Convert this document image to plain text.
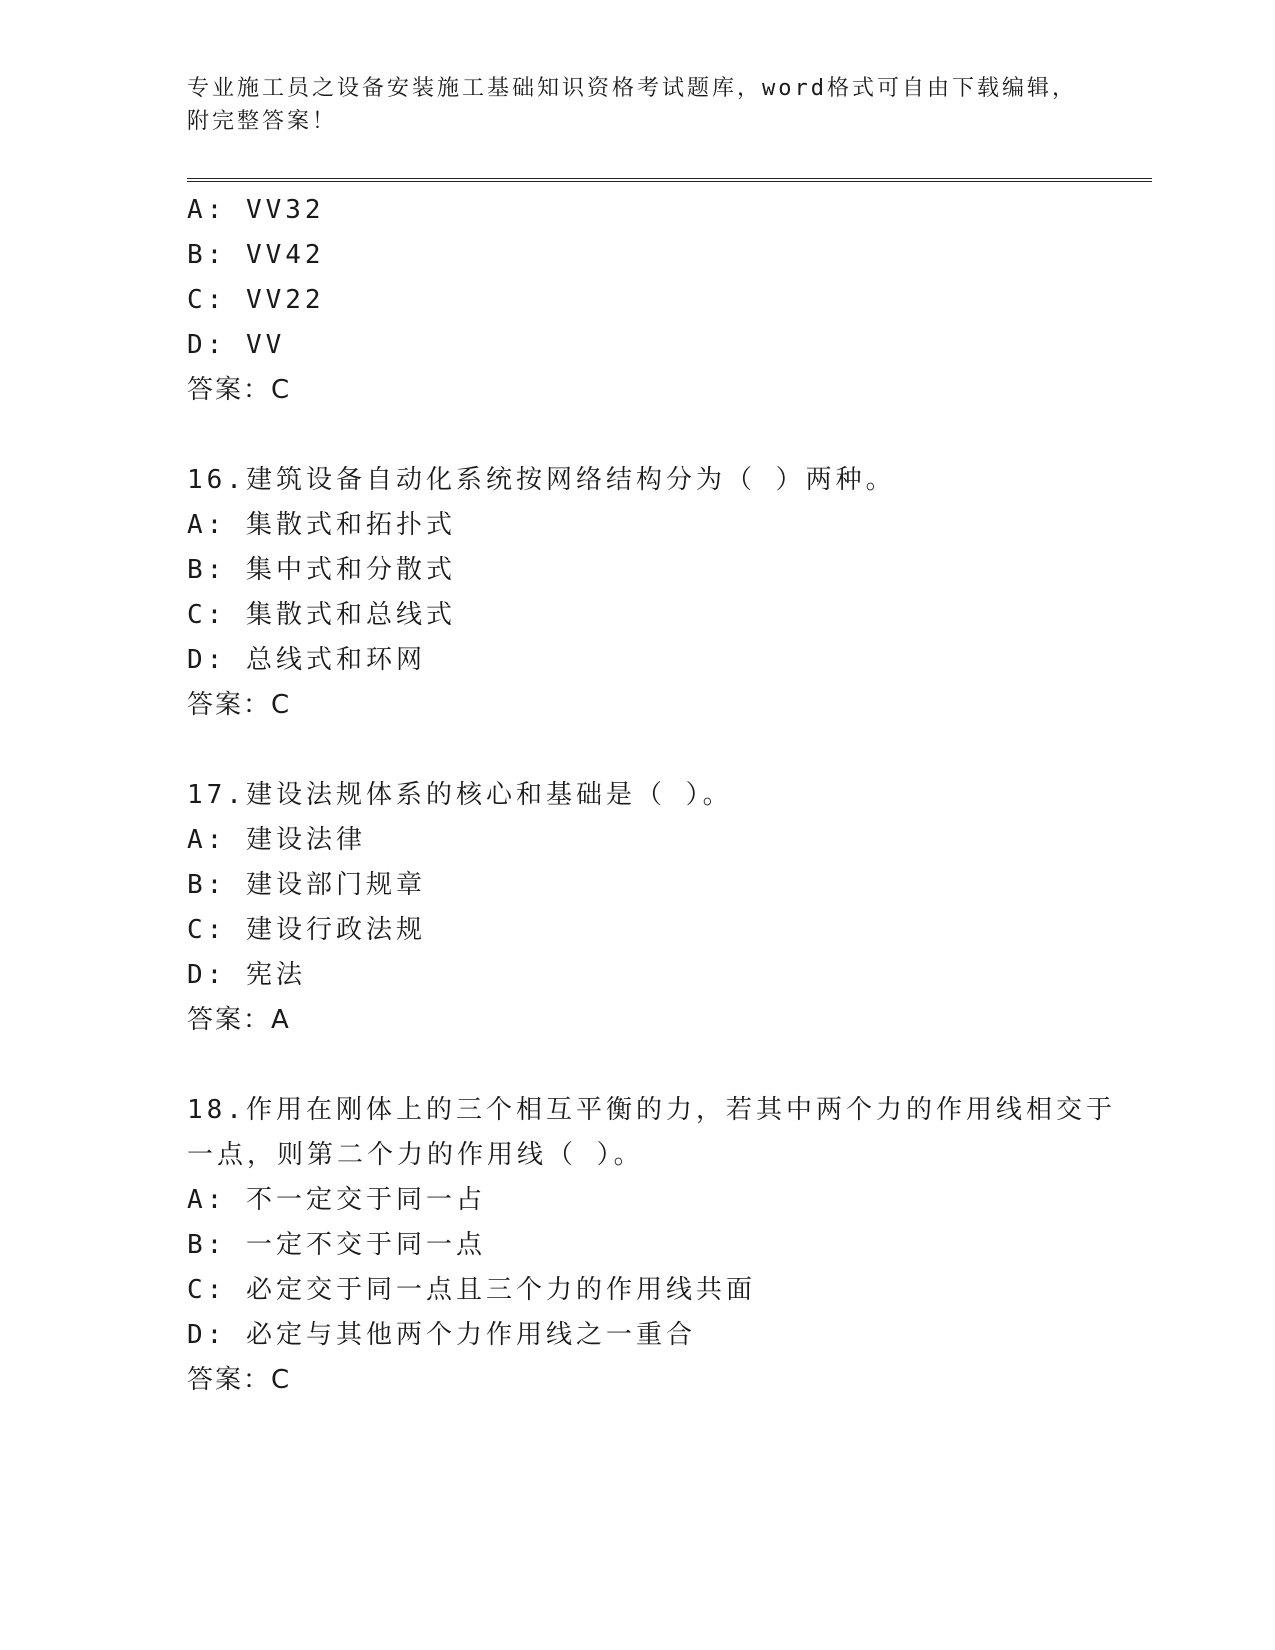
专业施工员之设备安装施工基础知识资格考试题库，word格式可自由下载编辑，
附完整答案！
A: VV32
B: VV42
C: VV22
D: VV
答案：C
16.建筑设备自动化系统按网络结构分为（ ）两种。
A: 集散式和拓扑式
B: 集中式和分散式
C: 集散式和总线式
D: 总线式和环网
答案：C
17.建设法规体系的核心和基础是（ ）。
A: 建设法律
B: 建设部门规章
C: 建设行政法规
D: 宪法
答案：A
18.作用在刚体上的三个相互平衡的力，若其中两个力的作用线相交于
一点，则第二个力的作用线（ ）。
A: 不一定交于同一占
B: 一定不交于同一点
C: 必定交于同一点且三个力的作用线共面
D: 必定与其他两个力作用线之一重合
答案：C
